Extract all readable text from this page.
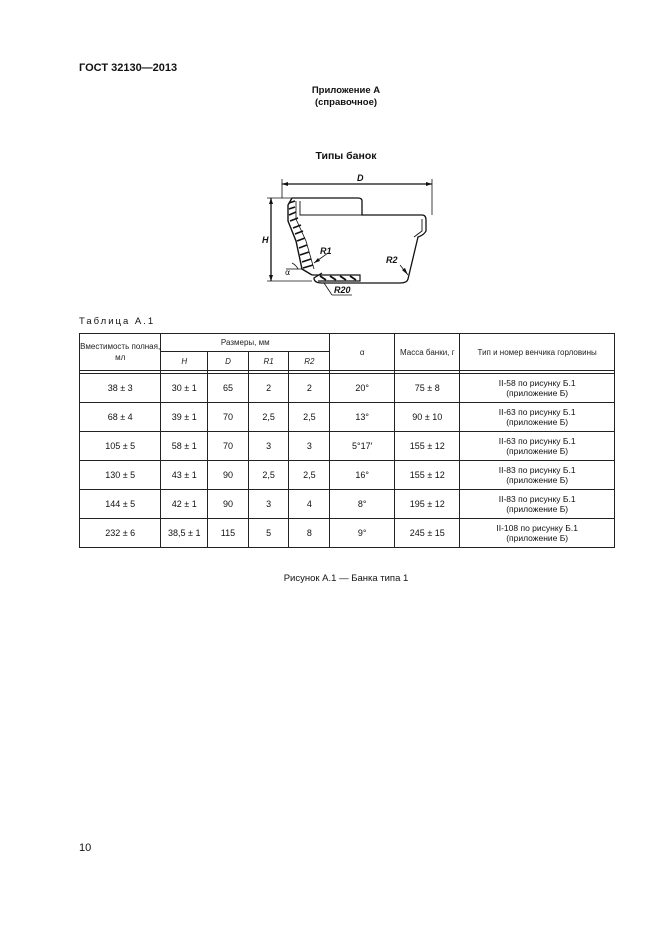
ГОСТ 32130—2013
Приложение А
(справочное)
Типы банок
D
H
R1
R2
R20
α
Таблица А.1
Вместимость полная, мл	Размеры, мм				α	Масса банки, г	Тип и номер венчика горловины
	H	D	R1	R2			

38 ± 3	30 ± 1	65	2	2	20°	75 ± 8	II-58 по рисунку Б.1
(приложение Б)
68 ± 4	39 ± 1	70	2,5	2,5	13°	90 ± 10	II-63 по рисунку Б.1
(приложение Б)
105 ± 5	58 ± 1	70	3	3	5°17′	155 ± 12	II-63 по рисунку Б.1
(приложение Б)
130 ± 5	43 ± 1	90	2,5	2,5	16°	155 ± 12	II-83 по рисунку Б.1
(приложение Б)
144 ± 5	42 ± 1	90	3	4	8°	195 ± 12	II-83 по рисунку Б.1
(приложение Б)
232 ± 6	38,5 ± 1	115	5	8	9°	245 ± 15	II-108 по рисунку Б.1
(приложение Б)
Рисунок А.1 — Банка типа 1
10
